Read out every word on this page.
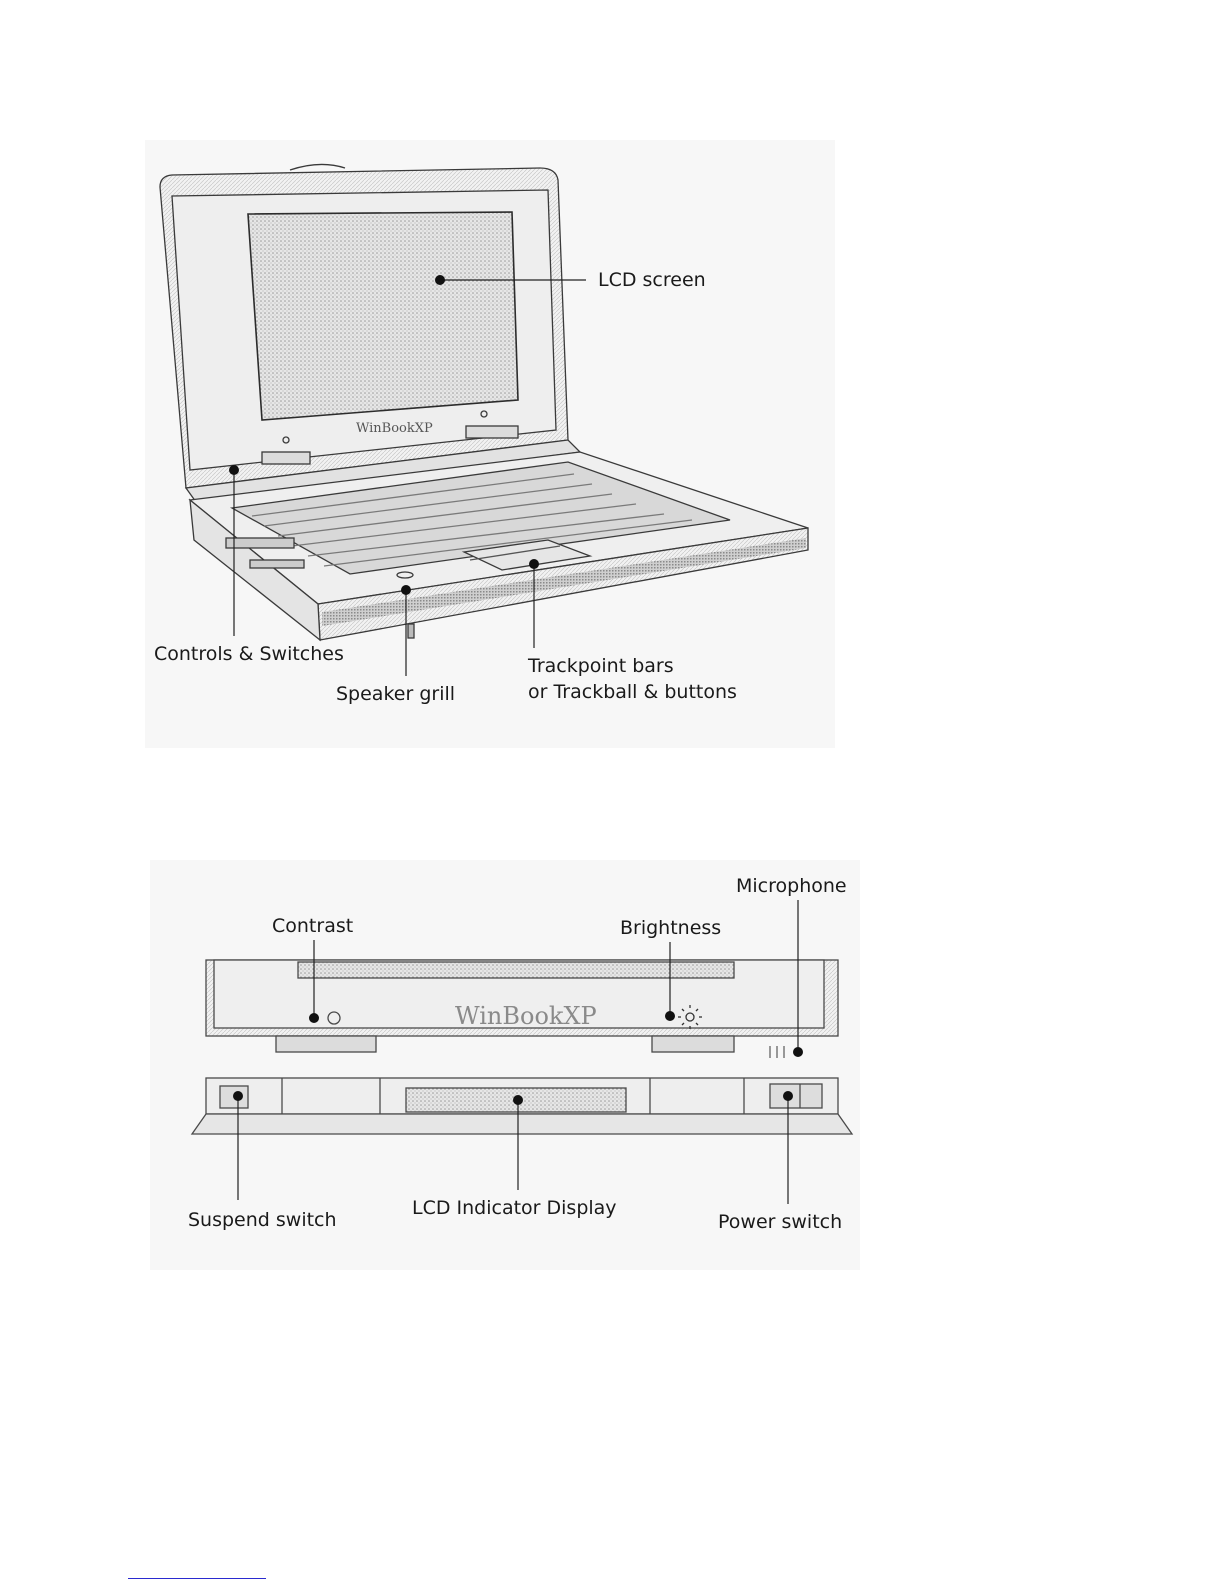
WinBookXP
LCD screen
Controls & Switches
Speaker grill
Trackpoint bars
or Trackball & buttons
WinBookXP
Contrast	Brightness
Microphone
Suspend switch
LCD Indicator Display
Power switch
